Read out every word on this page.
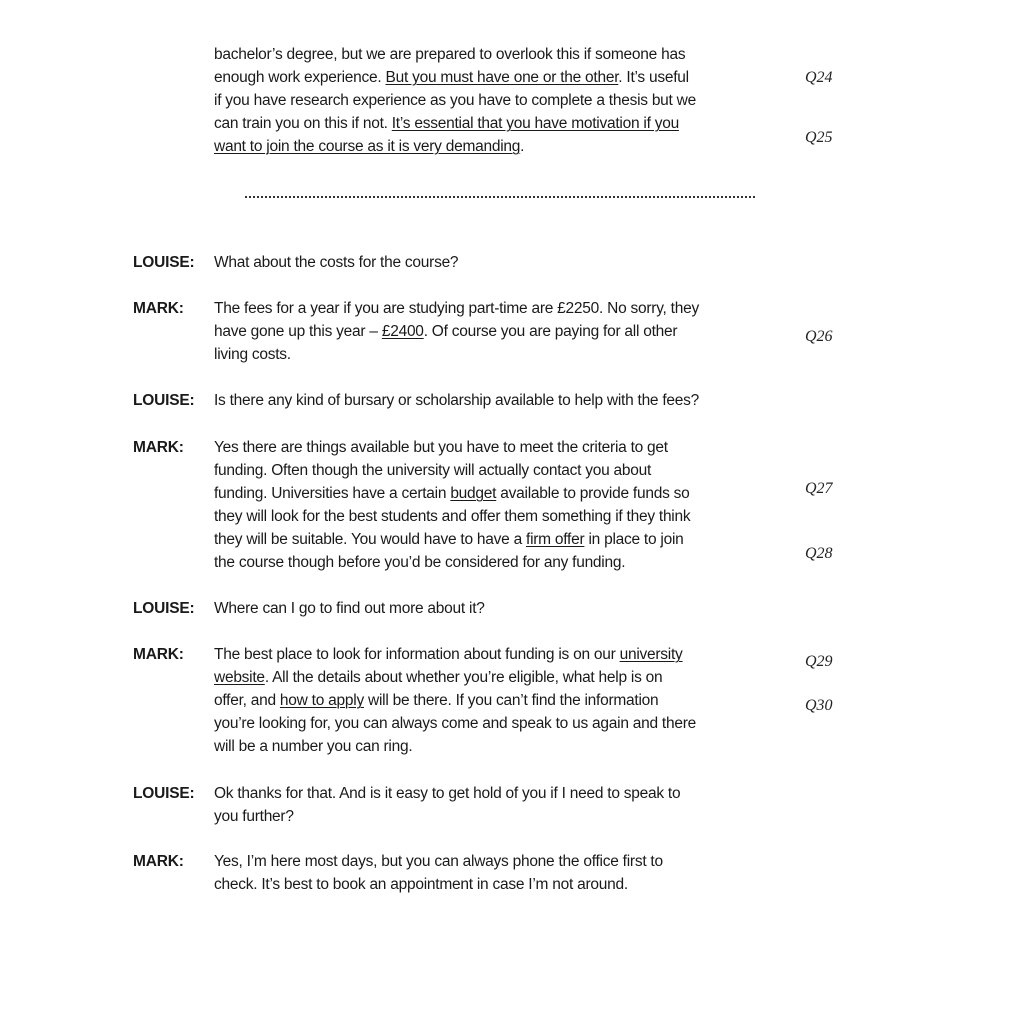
bachelor’s degree, but we are prepared to overlook this if someone has
enough work experience. But you must have one or the other. It’s useful
if you have research experience as you have to complete a thesis but we
can train you on this if not. It’s essential that you have motivation if you
want to join the course as it is very demanding.
Q24
Q25
LOUISE: What about the costs for the course?
MARK: The fees for a year if you are studying part-time are £2250. No sorry, they
have gone up this year – £2400. Of course you are paying for all other
living costs.
Q26
LOUISE: Is there any kind of bursary or scholarship available to help with the fees?
MARK: Yes there are things available but you have to meet the criteria to get
funding. Often though the university will actually contact you about
funding. Universities have a certain budget available to provide funds so
they will look for the best students and offer them something if they think
they will be suitable. You would have to have a firm offer in place to join
the course though before you’d be considered for any funding.
Q27
Q28
LOUISE: Where can I go to find out more about it?
MARK: The best place to look for information about funding is on our university
website. All the details about whether you’re eligible, what help is on
offer, and how to apply will be there. If you can’t find the information
you’re looking for, you can always come and speak to us again and there
will be a number you can ring.
Q29
Q30
LOUISE: Ok thanks for that. And is it easy to get hold of you if I need to speak to
you further?
MARK: Yes, I’m here most days, but you can always phone the office first to
check. It’s best to book an appointment in case I’m not around.
